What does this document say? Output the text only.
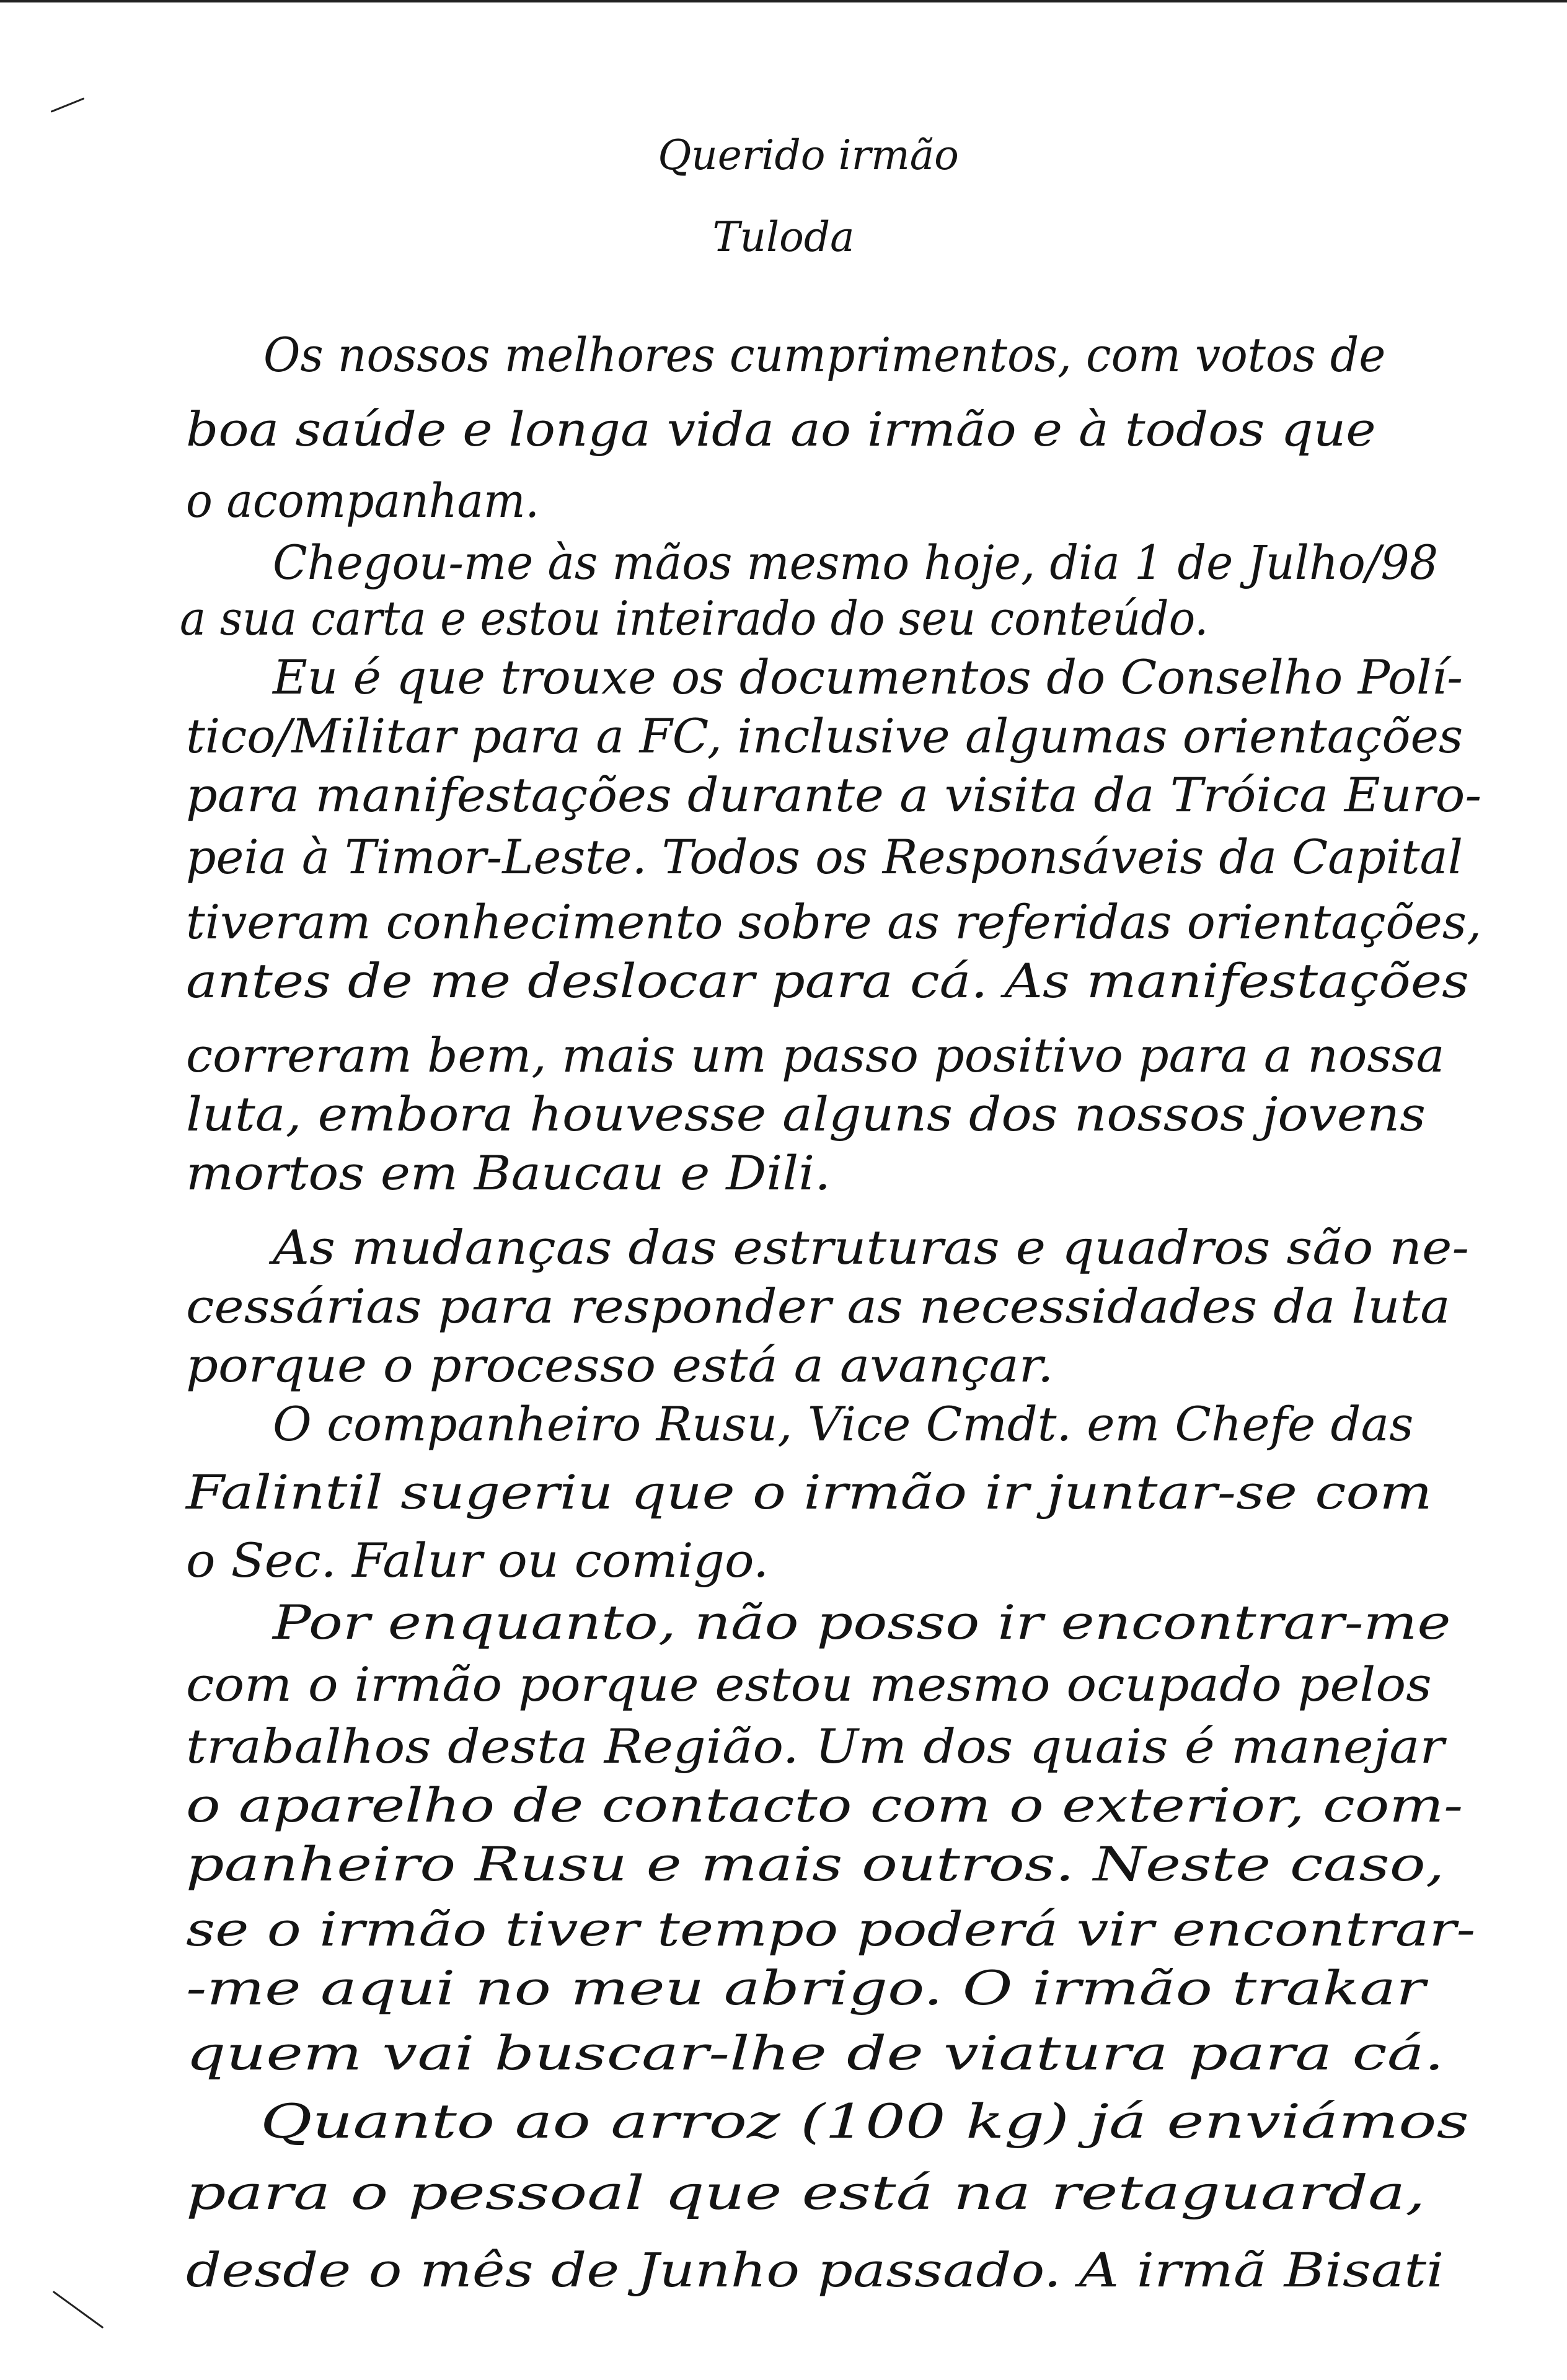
Querido irmão
Tuloda
Os nossos melhores cumprimentos, com votos de
boa saúde e longa vida ao irmão e à todos que
o acompanham.
Chegou-me às mãos mesmo hoje, dia 1 de Julho/98
a sua carta e estou inteirado do seu conteúdo.
Eu é que trouxe os documentos do Conselho Polí-
tico/Militar para a FC, inclusive algumas orientações
para manifestações durante a visita da Tróica Euro-
peia à Timor-Leste. Todos os Responsáveis da Capital
tiveram conhecimento sobre as referidas orientações,
antes de me deslocar para cá. As manifestações
correram bem, mais um passo positivo para a nossa
luta, embora houvesse alguns dos nossos jovens
mortos em Baucau e Dili.
As mudanças das estruturas e quadros são ne-
cessárias para responder as necessidades da luta
porque o processo está a avançar.
O companheiro Rusu, Vice Cmdt. em Chefe das
Falintil sugeriu que o irmão ir juntar-se com
o Sec. Falur ou comigo.
Por enquanto, não posso ir encontrar-me
com o irmão porque estou mesmo ocupado pelos
trabalhos desta Região. Um dos quais é manejar
o aparelho de contacto com o exterior, com-
panheiro Rusu e mais outros. Neste caso,
se o irmão tiver tempo poderá vir encontrar-
-me aqui no meu abrigo. O irmão trakar
quem vai buscar-lhe de viatura para cá.
Quanto ao arroz (100 kg) já enviámos
para o pessoal que está na retaguarda,
desde o mês de Junho passado. A irmã Bisati
